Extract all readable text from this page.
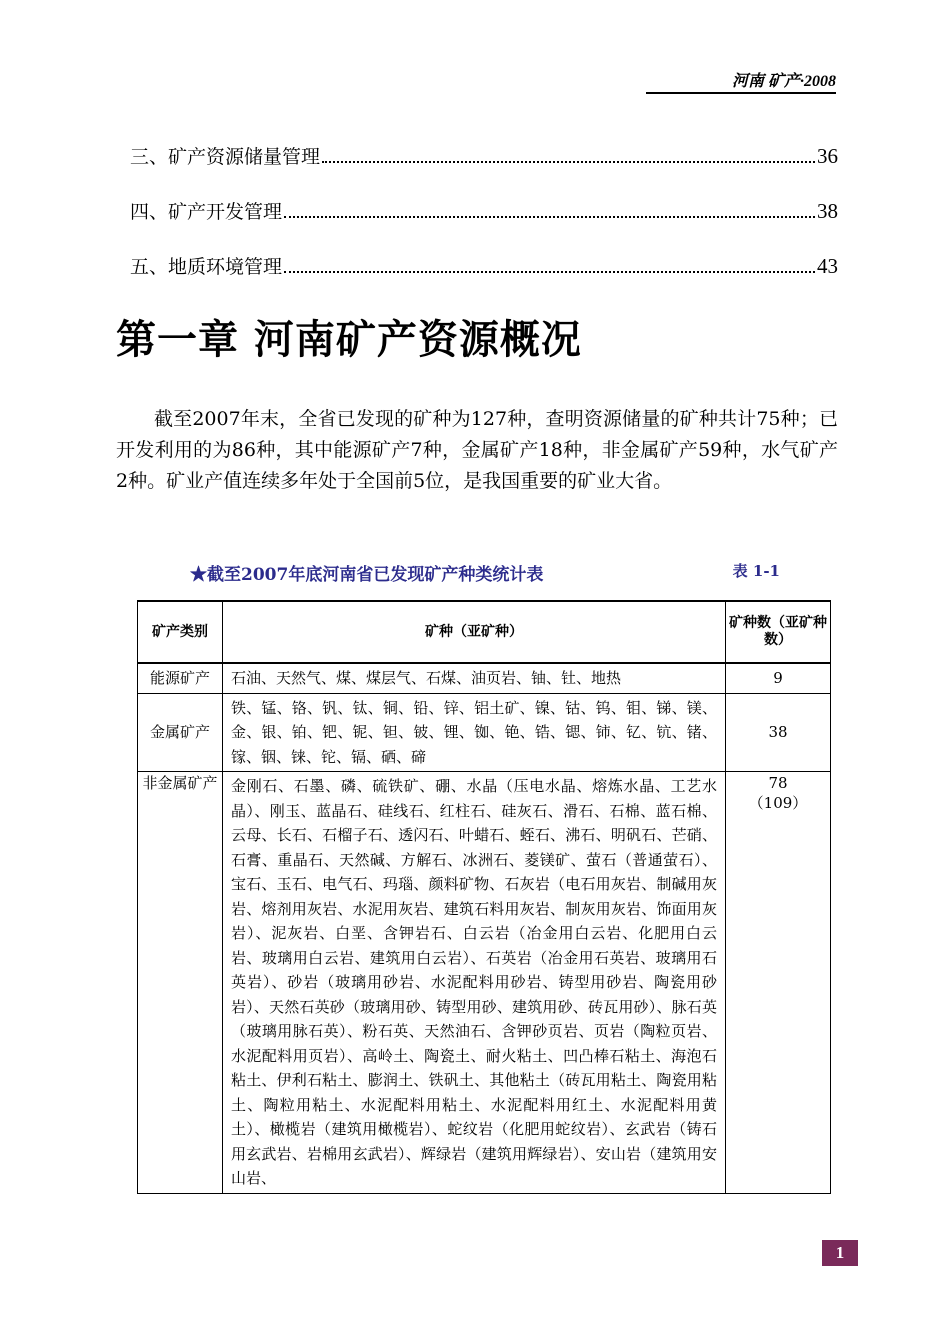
河南 矿产·2008
三、矿产资源储量管理	36
四、矿产开发管理	38
五、地质环境管理	43
第一章 河南矿产资源概况

截至2007年末，全省已发现的矿种为127种，查明资源储量的矿种共计75种；已开发利用的为86种，其中能源矿产7种，金属矿产18种，非金属矿产59种，水气矿产2种。矿业产值连续多年处于全国前5位，是我国重要的矿业大省。

★截至2007年底河南省已发现矿产种类统计表	表 1-1
矿产类别	矿种（亚矿种）	矿种数（亚矿种数）
能源矿产	石油、天然气、煤、煤层气、石煤、油页岩、铀、钍、地热	9
金属矿产	铁、锰、铬、钒、钛、铜、铅、锌、铝土矿、镍、钴、钨、钼、锑、镁、金、银、铂、钯、铌、钽、铍、锂、铷、铯、锆、锶、铈、钇、钪、锗、镓、铟、铼、铊、镉、硒、碲	38
非金属矿产	金刚石、石墨、磷、硫铁矿、硼、水晶（压电水晶、熔炼水晶、工艺水晶）、刚玉、蓝晶石、硅线石、红柱石、硅灰石、滑石、石棉、蓝石棉、云母、长石、石榴子石、透闪石、叶蜡石、蛭石、沸石、明矾石、芒硝、石膏、重晶石、天然碱、方解石、冰洲石、菱镁矿、萤石（普通萤石）、宝石、玉石、电气石、玛瑙、颜料矿物、石灰岩（电石用灰岩、制碱用灰岩、熔剂用灰岩、水泥用灰岩、建筑石料用灰岩、制灰用灰岩、饰面用灰岩）、泥灰岩、白垩、含钾岩石、白云岩（冶金用白云岩、化肥用白云岩、玻璃用白云岩、建筑用白云岩）、石英岩（冶金用石英岩、玻璃用石英岩）、砂岩（玻璃用砂岩、水泥配料用砂岩、铸型用砂岩、陶瓷用砂岩）、天然石英砂（玻璃用砂、铸型用砂、建筑用砂、砖瓦用砂）、脉石英（玻璃用脉石英）、粉石英、天然油石、含钾砂页岩、页岩（陶粒页岩、水泥配料用页岩）、高岭土、陶瓷土、耐火粘土、凹凸棒石粘土、海泡石粘土、伊利石粘土、膨润土、铁矾土、其他粘土（砖瓦用粘土、陶瓷用粘土、陶粒用粘土、水泥配料用粘土、水泥配料用红土、水泥配料用黄土）、橄榄岩（建筑用橄榄岩）、蛇纹岩（化肥用蛇纹岩）、玄武岩（铸石用玄武岩、岩棉用玄武岩）、辉绿岩（建筑用辉绿岩）、安山岩（建筑用安山岩、	78
（109）
1
